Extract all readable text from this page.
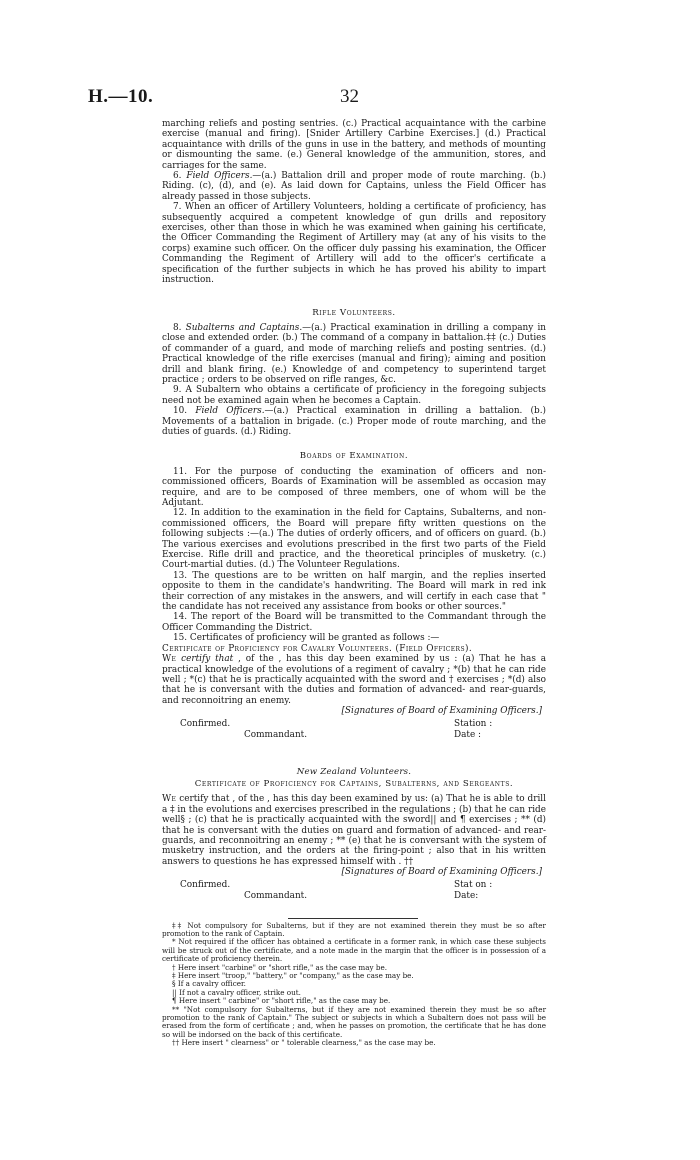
H.—10.	32

marching reliefs and posting sentries. (c.) Practical acquaintance with the carbine exercise (manual and firing). [Snider Artillery Carbine Exercises.] (d.) Practical acquaintance with drills of the guns in use in the battery, and methods of mounting or dismounting the same. (e.) General knowledge of the ammunition, stores, and carriages for the same.

6. Field Officers.—(a.) Battalion drill and proper mode of route marching. (b.) Riding. (c), (d), and (e). As laid down for Captains, unless the Field Officer has already passed in those subjects.

7. When an officer of Artillery Volunteers, holding a certificate of proficiency, has subsequently acquired a competent knowledge of gun drills and repository exercises, other than those in which he was examined when gaining his certificate, the Officer Commanding the Regiment of Artillery may (at any of his visits to the corps) examine such officer. On the officer duly passing his examination, the Officer Commanding the Regiment of Artillery will add to the officer's certificate a specification of the further subjects in which he has proved his ability to impart instruction.

Rifle Volunteers.

8. Subalterns and Captains.—(a.) Practical examination in drilling a company in close and extended order. (b.) The command of a company in battalion.‡‡ (c.) Duties of commander of a guard, and mode of marching reliefs and posting sentries. (d.) Practical knowledge of the rifle exercises (manual and firing); aiming and position drill and blank firing. (e.) Knowledge of and competency to superintend target practice ; orders to be observed on rifle ranges, &c.

9. A Subaltern who obtains a certificate of proficiency in the foregoing subjects need not be examined again when he becomes a Captain.

10. Field Officers.—(a.) Practical examination in drilling a battalion. (b.) Movements of a battalion in brigade. (c.) Proper mode of route marching, and the duties of guards. (d.) Riding.

Boards of Examination.

11. For the purpose of conducting the examination of officers and non-commissioned officers, Boards of Examination will be assembled as occasion may require, and are to be composed of three members, one of whom will be the Adjutant.

12. In addition to the examination in the field for Captains, Subalterns, and non-commissioned officers, the Board will prepare fifty written questions on the following subjects :—(a.) The duties of orderly officers, and of officers on guard. (b.) The various exercises and evolutions prescribed in the first two parts of the Field Exercise. Rifle drill and practice, and the theoretical principles of musketry. (c.) Court-martial duties. (d.) The Volunteer Regulations.

13. The questions are to be written on half margin, and the replies inserted opposite to them in the candidate's handwriting. The Board will mark in red ink their correction of any mistakes in the answers, and will certify in each case that " the candidate has not received any assistance from books or other sources."

14. The report of the Board will be transmitted to the Commandant through the Officer Commanding the District.

15. Certificates of proficiency will be granted as follows :—

Certificate of Proficiency for Cavalry Volunteers. (Field Officers).

We certify that , of the , has this day been examined by us : (a) That he has a practical knowledge of the evolutions of a regiment of cavalry ; *(b) that he can ride well ; *(c) that he is practically acquainted with the sword and † exercises ; *(d) also that he is conversant with the duties and formation of advanced- and rear-guards, and reconnoitring an enemy.

[Signatures of Board of Examining Officers.]

Confirmed.
Commandant.
Station :
Date :

New Zealand Volunteers.

Certificate of Proficiency for Captains, Subalterns, and Sergeants.

We certify that , of the , has this day been examined by us: (a) That he is able to drill a ‡ in the evolutions and exercises prescribed in the regulations ; (b) that he can ride well§ ; (c) that he is practically acquainted with the sword|| and ¶ exercises ; ** (d) that he is conversant with the duties on guard and formation of advanced- and rear-guards, and reconnoitring an enemy ; ** (e) that he is conversant with the system of musketry instruction, and the orders at the firing-point ; also that in his written answers to questions he has expressed himself with . ††

[Signatures of Board of Examining Officers.]

Confirmed.
Commandant.
Stat on :
Date:

‡‡ Not compulsory for Subalterns, but if they are not examined therein they must be so after promotion to the rank of Captain.

* Not required if the officer has obtained a certificate in a former rank, in which case these subjects will be struck out of the certificate, and a note made in the margin that the officer is in possession of a certificate of proficiency therein.

† Here insert "carbine" or "short rifle," as the case may be.

‡ Here insert "troop," "battery," or "company," as the case may be.

§ If a cavalry officer.

|| If not a cavalry officer, strike out.

¶ Here insert " carbine" or "short rifle," as the case may be.

** "Not compulsory for Subalterns, but if they are not examined therein they must be so after promotion to the rank of Captain." The subject or subjects in which a Subaltern does not pass will be erased from the form of certificate ; and, when he passes on promotion, the certificate that he has done so will be indorsed on the back of this certificate.

†† Here insert " clearness" or " tolerable clearness," as the case may be.
